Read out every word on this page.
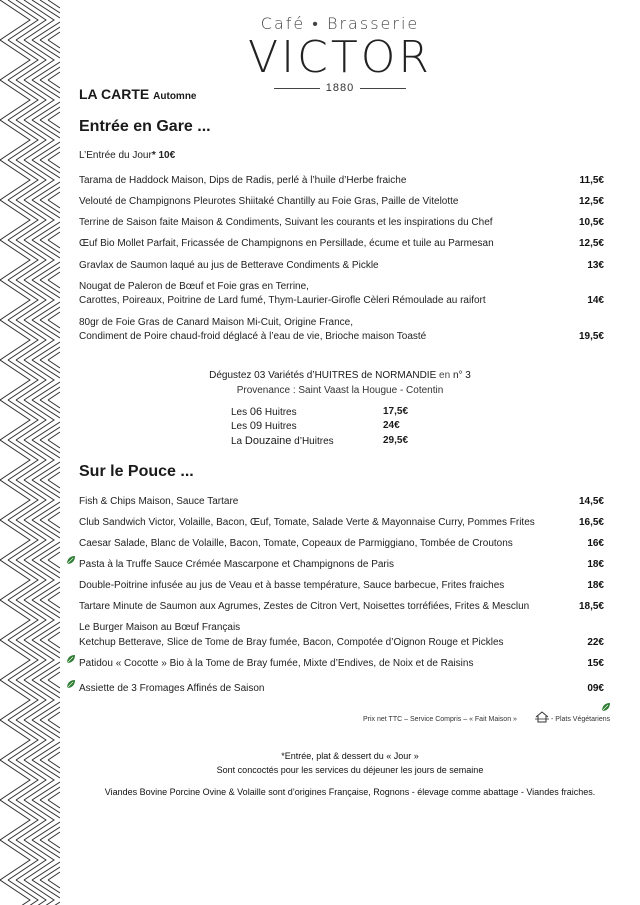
Café • Brasserie
VICTOR
1880
LA CARTE Automne
Entrée en Gare ...
L’Entrée du Jour* 10€
Tarama de Haddock Maison, Dips de Radis, perlé à l’huile d’Herbe fraiche	11,5€
Velouté de Champignons Pleurotes Shiitaké Chantilly au Foie Gras, Paille de Vitelotte	12,5€
Terrine de Saison faite Maison & Condiments, Suivant les courants et les inspirations du Chef	10,5€
Œuf Bio Mollet Parfait, Fricassée de Champignons en Persillade, écume et tuile au Parmesan	12,5€
Gravlax de Saumon laqué au jus de Betterave Condiments & Pickle	13€
Nougat de Paleron de Bœuf et Foie gras en Terrine,
Carottes, Poireaux, Poitrine de Lard fumé, Thym-Laurier-Girofle Cèleri Rémoulade au raifort	14€
80gr de Foie Gras de Canard Maison Mi-Cuit, Origine France,
Condiment de Poire chaud-froid déglacé à l’eau de vie, Brioche maison Toasté	19,5€
Dégustez 03 Variétés d’HUITRES de NORMANDIE en n° 3
Provenance : Saint Vaast la Hougue - Cotentin
Les 06 Huitres	17,5€
Les 09 Huitres	24€
La Douzaine d’Huitres	29,5€
Sur le Pouce ...
Fish & Chips Maison, Sauce Tartare	14,5€
Club Sandwich Victor, Volaille, Bacon, Œuf, Tomate, Salade Verte & Mayonnaise Curry, Pommes Frites	16,5€
Caesar Salade, Blanc de Volaille, Bacon, Tomate, Copeaux de Parmiggiano, Tombée de Croutons	16€
Pasta à la Truffe Sauce Crémée Mascarpone et Champignons de Paris	18€
Double-Poitrine infusée au jus de Veau et à basse température, Sauce barbecue, Frites fraiches	18€
Tartare Minute de Saumon aux Agrumes, Zestes de Citron Vert, Noisettes torréfiées, Frites & Mesclun	18,5€
Le Burger Maison au Bœuf Français
Ketchup Betterave, Slice de Tome de Bray fumée, Bacon, Compotée d’Oignon Rouge et Pickles	22€
Patidou « Cocotte » Bio à la Tome de Bray fumée, Mixte d’Endives, de Noix et de Raisins	15€
Assiette de 3 Fromages Affinés de Saison	09€
Prix net TTC – Service Compris – « Fait Maison »	- Plats Végétariens
*Entrée, plat & dessert du « Jour »
Sont concoctés pour les services du déjeuner les jours de semaine
Viandes Bovine Porcine Ovine & Volaille sont d’origines Française, Rognons - élevage comme abattage - Viandes fraiches.
